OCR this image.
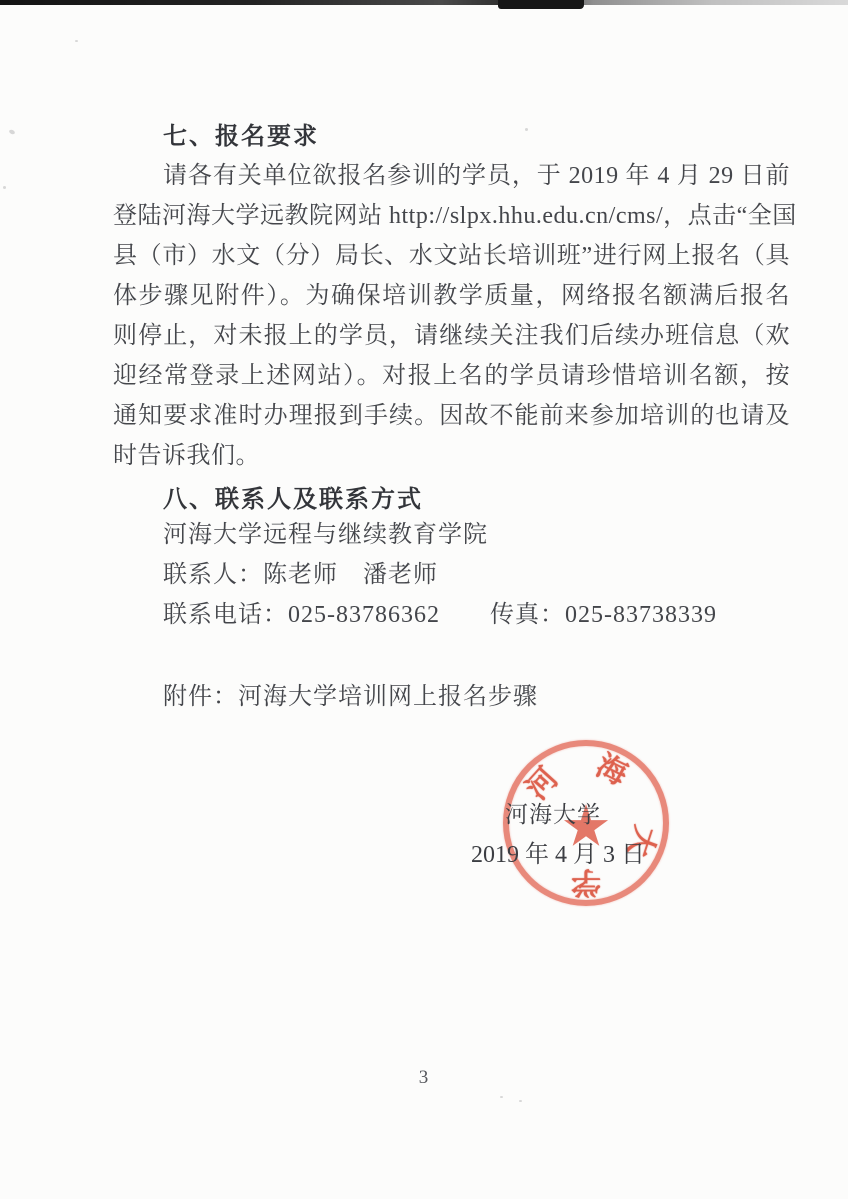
七、报名要求
请各有关单位欲报名参训的学员，于 2019 年 4 月 29 日前
登陆河海大学远教院网站 http://slpx.hhu.edu.cn/cms/，点击“全国
县（市）水文（分）局长、水文站长培训班”进行网上报名（具
体步骤见附件）。为确保培训教学质量，网络报名额满后报名
则停止，对未报上的学员，请继续关注我们后续办班信息（欢
迎经常登录上述网站）。对报上名的学员请珍惜培训名额，按
通知要求准时办理报到手续。因故不能前来参加培训的也请及
时告诉我们。
八、联系人及联系方式
河海大学远程与继续教育学院
联系人：陈老师　潘老师
联系电话：025-83786362　　传真：025-83738339
附件：河海大学培训网上报名步骤
河 海
大
学
河海大学
2019 年 4 月 3 日
3
